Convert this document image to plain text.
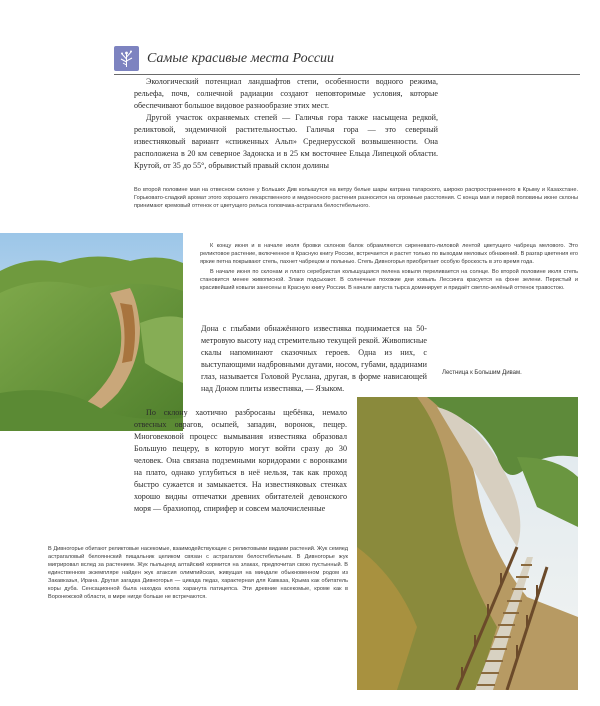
Самые красивые места России

Экологический потенциал ландшафтов степи, особенности водного режима, рельефа, почв, солнечной радиации создают неповторимые условия, которые обеспечивают большое видовое разнообразие этих мест.

Другой участок охраняемых степей — Галичья гора также насыщена редкой, реликтовой, эндемичной растительностью. Галичья гора — это северный известняковый вариант «спиженных Альп» Среднерусской возвышенности. Она расположена в 20 км северное Задонска и в 25 км восточнее Ельца Липецкой области. Крутой, от 35 до 55°, обрывистый правый склон долины

Во второй половине мая на отвесном склоне у Больших Див колышутся на ветру белые шары катрана татарского, широко распространенного в Крыму и Казахстане. Горьковато-сладкий аромат этого хорошего лекарственного и медоносного растения разносится на огромные расстояния. С конца мая и первой половины июне склоны принимают кремовый оттенок от цветущего рельса головчака-астрагала белостебельного.

К концу июня и в начале июля бровки склонов балок обрамляются сиреневато-лиловой лентой цветущего чабреца мелового. Это реликтовое растение, включенное в Красную книгу России, встречается и растет только по выходам меловых обнажений. В разгар цветения его яркие петна покрывают степь, пахнет чабрецом и полынью. Степь Дивногорья приобретает особую броскость в это время года.

В начале июня по склонам и плато серебристая колышущаяся пелена ковыля переливается на солнце. Во второй половине июля степь становится менее живописной. Злаки подсыхают. В солнечные похожие дни ковыль Лессинга красуется на фоне зелени. Перистый и красивейший ковыли занесены в Красную книгу России. В начале августа тырса доминирует и придаёт светло-зелёный оттенок травостою.

Дона с глыбами обнажённого известняка поднимается на 50-метровую высоту над стремительно текущей рекой. Живописные скалы напоминают сказочных героев. Одна из них, с выступающими надбровными дугами, носом, губами, вдадинами глаз, называется Головой Руслана, другая, в форме нависающей над Доном плиты известняка, — Языком.

Лестница к Большим Дивам.

По склону хаотично разбросаны щебёнка, немало отвесных оврагов, осыпей, западин, воронок, пещер. Многовековой процесс вымывания известняка образовал Большую пещеру, в которую могут войти сразу до 30 человек. Она связана подземными коридорами с воронками на плато, однако углубиться в неё нельзя, так как проход быстро сужается и замыкается. На известняковых стенках хорошо видны отпечатки древних обитателей девонского моря — брахиопод, спирифер и совсем малочисленные

В Дивногорье обитают реликтовые насекомые, взаимодействующие с реликтовыми видами растений. Жук семяед астрагаловый белояннский пищальник целиком связан с астрагалом белостебельным. В Дивногорье жук мигрировал вслед за растением. Жук пыльцеед алтайский кормится на злаках, предпочитая свою пустынный. В единственном экземпляре найден жук атаксия олимпийская, живущая на миндале обыкновенном родом из Закавказья, Ирана. Другая загадка Дивногорья — цикада педаз, характерная для Кавказа, Крыма как обитатель коры дуба. Сенсационной была находка клопа харанута патицепса. Эти древние насекомые, кроме как в Воронежской области, в мире нигде больше не встречаются.
